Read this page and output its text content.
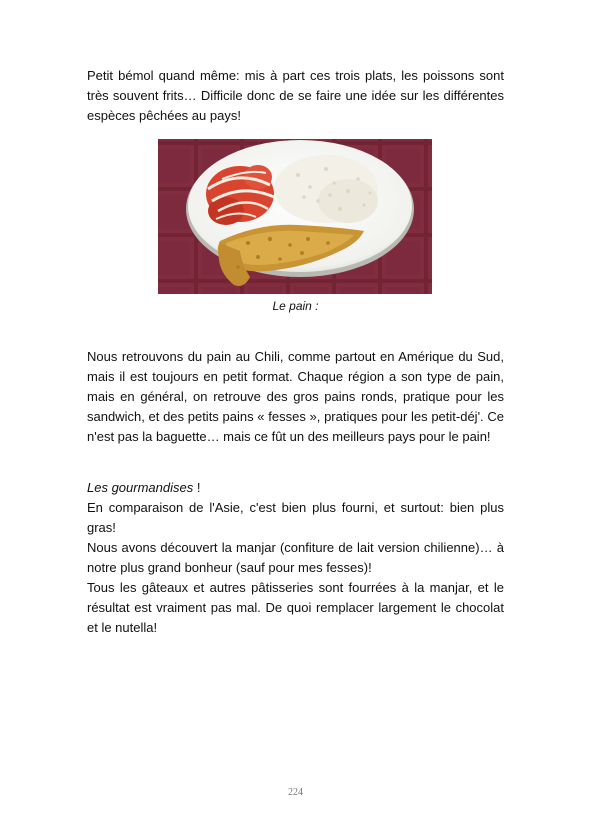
Petit bémol quand même: mis à part ces trois plats, les poissons sont très souvent frits… Difficile donc de se faire une idée sur les différentes espèces pêchées au pays!

Le pain :

Nous retrouvons du pain au Chili, comme partout en Amérique du Sud, mais il est toujours en petit format. Chaque région a son type de pain, mais en général, on retrouve des gros pains ronds, pratique pour les sandwich, et des petits pains « fesses », pratiques pour les petit-déj'. Ce n'est pas la baguette… mais ce fût un des meilleurs pays pour le pain!

Les gourmandises !
En comparaison de l'Asie, c'est bien plus fourni, et surtout: bien plus gras!
Nous avons découvert la manjar (confiture de lait version chilienne)… à notre plus grand bonheur (sauf pour mes fesses)!
Tous les gâteaux et autres pâtisseries sont fourrées à la manjar, et le résultat est vraiment pas mal. De quoi remplacer largement le chocolat et le nutella!
224
